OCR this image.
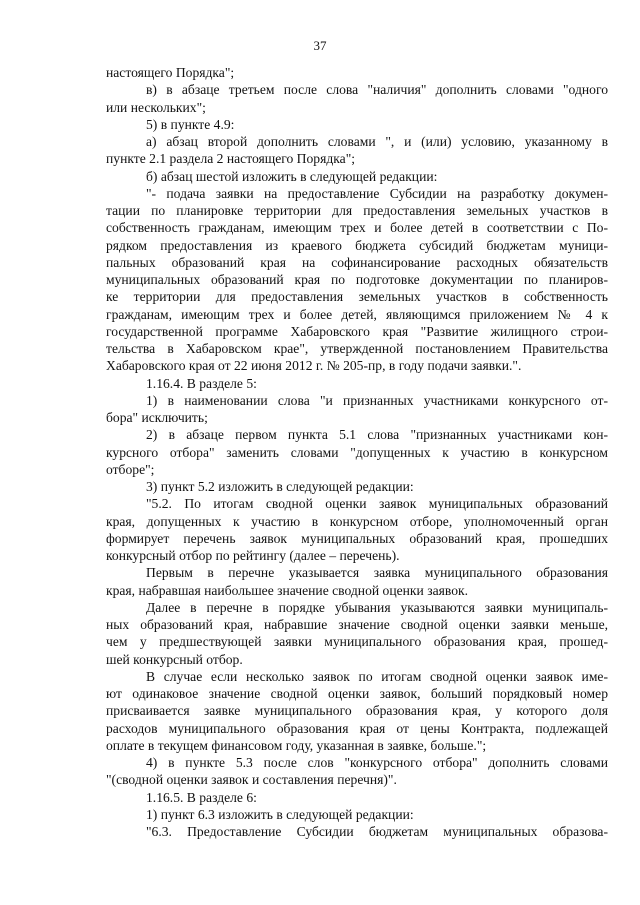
37
настоящего Порядка";
в) в абзаце третьем после слова "наличия" дополнить словами "одного
или нескольких";
5) в пункте 4.9:
а) абзац второй дополнить словами ", и (или) условию, указанному в
пункте 2.1 раздела 2 настоящего Порядка";
б) абзац шестой изложить в следующей редакции:
"- подача заявки на предоставление Субсидии на разработку докумен-
тации по планировке территории для предоставления земельных участков в
собственность гражданам, имеющим трех и более детей в соответствии с По-
рядком предоставления из краевого бюджета субсидий бюджетам муници-
пальных образований края на софинансирование расходных обязательств
муниципальных образований края по подготовке документации по планиров-
ке территории для предоставления земельных участков в собственность
гражданам, имеющим трех и более детей, являющимся приложением № 4 к
государственной программе Хабаровского края "Развитие жилищного строи-
тельства в Хабаровском крае", утвержденной постановлением Правительства
Хабаровского края от 22 июня 2012 г. № 205-пр, в году подачи заявки.".
1.16.4. В разделе 5:
1) в наименовании слова "и признанных участниками конкурсного от-
бора" исключить;
2) в абзаце первом пункта 5.1 слова "признанных участниками кон-
курсного отбора" заменить словами "допущенных к участию в конкурсном
отборе";
3) пункт 5.2 изложить в следующей редакции:
"5.2. По итогам сводной оценки заявок муниципальных образований
края, допущенных к участию в конкурсном отборе, уполномоченный орган
формирует перечень заявок муниципальных образований края, прошедших
конкурсный отбор по рейтингу (далее – перечень).
Первым в перечне указывается заявка муниципального образования
края, набравшая наибольшее значение сводной оценки заявок.
Далее в перечне в порядке убывания указываются заявки муниципаль-
ных образований края, набравшие значение сводной оценки заявки меньше,
чем у предшествующей заявки муниципального образования края, прошед-
шей конкурсный отбор.
В случае если несколько заявок по итогам сводной оценки заявок име-
ют одинаковое значение сводной оценки заявок, больший порядковый номер
присваивается заявке муниципального образования края, у которого доля
расходов муниципального образования края от цены Контракта, подлежащей
оплате в текущем финансовом году, указанная в заявке, больше.";
4) в пункте 5.3 после слов "конкурсного отбора" дополнить словами
"(сводной оценки заявок и составления перечня)".
1.16.5. В разделе 6:
1) пункт 6.3 изложить в следующей редакции:
"6.3. Предоставление Субсидии бюджетам муниципальных образова-
